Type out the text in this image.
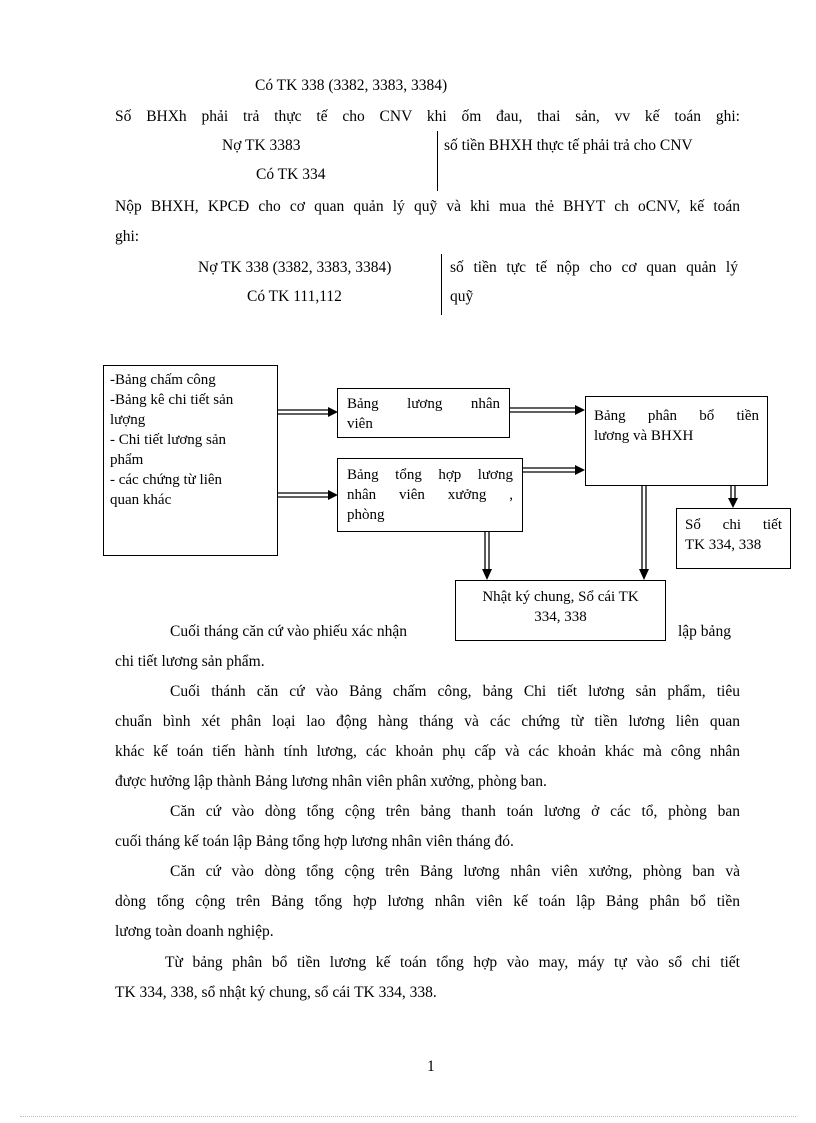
Có TK 338 (3382, 3383, 3384)
Số BHXh phải trả thực tế cho CNV khi ốm đau, thai sản, vv kế toán ghi:
Nợ TK 3383	số tiền BHXH thực tế phải trả cho CNV
Có TK 334
Nộp BHXH, KPCĐ cho cơ quan quản lý quỹ và khi mua thẻ BHYT ch oCNV, kế toán
ghi:
Nợ TK 338 (3382, 3383, 3384)	số tiền tực tế nộp cho cơ quan quản lý
Có TK 111,112	quỹ
-Bảng chấm công
-Bảng kê chi tiết sản
lượng
- Chi tiết lương sản
phẩm
- các chứng từ liên
quan khác
Bảng lương nhân
viên
Bảng tổng hợp lương
nhân viên xưởng ,
phòng
Bảng phân bổ tiền
lương và BHXH
Sổ chi tiết
TK 334, 338
Nhật ký chung, Sổ cái TK
334, 338
Cuối tháng căn cứ vào phiếu xác nhận	lập bảng
chi tiết lương sản phẩm.
Cuối thánh căn cứ vào Bảng chấm công, bảng Chi tiết lương sản phẩm, tiêu
chuẩn bình xét phân loại lao động hàng tháng và các chứng từ tiền lương liên quan
khác kế toán tiến hành tính lương, các khoản phụ cấp và các khoản khác mà công nhân
được hưởng lập thành Bảng lương nhân viên phân xưởng, phòng ban.
Căn cứ vào dòng tổng cộng trên bảng thanh toán lương ở các tổ, phòng ban
cuối tháng kế toán lập Bảng tổng hợp lương nhân viên tháng đó.
Căn cứ vào dòng tổng cộng trên Bảng lương nhân viên xưởng, phòng ban và
dòng tổng cộng trên Bảng tổng hợp lương nhân viên kế toán lập Bảng phân bổ tiền
lương toàn doanh nghiệp.
Từ bảng phân bổ tiền lương kế toán tổng hợp vào may, máy tự vào sổ chi tiết
TK 334, 338, sổ nhật ký chung, sổ cái TK 334, 338.
1
